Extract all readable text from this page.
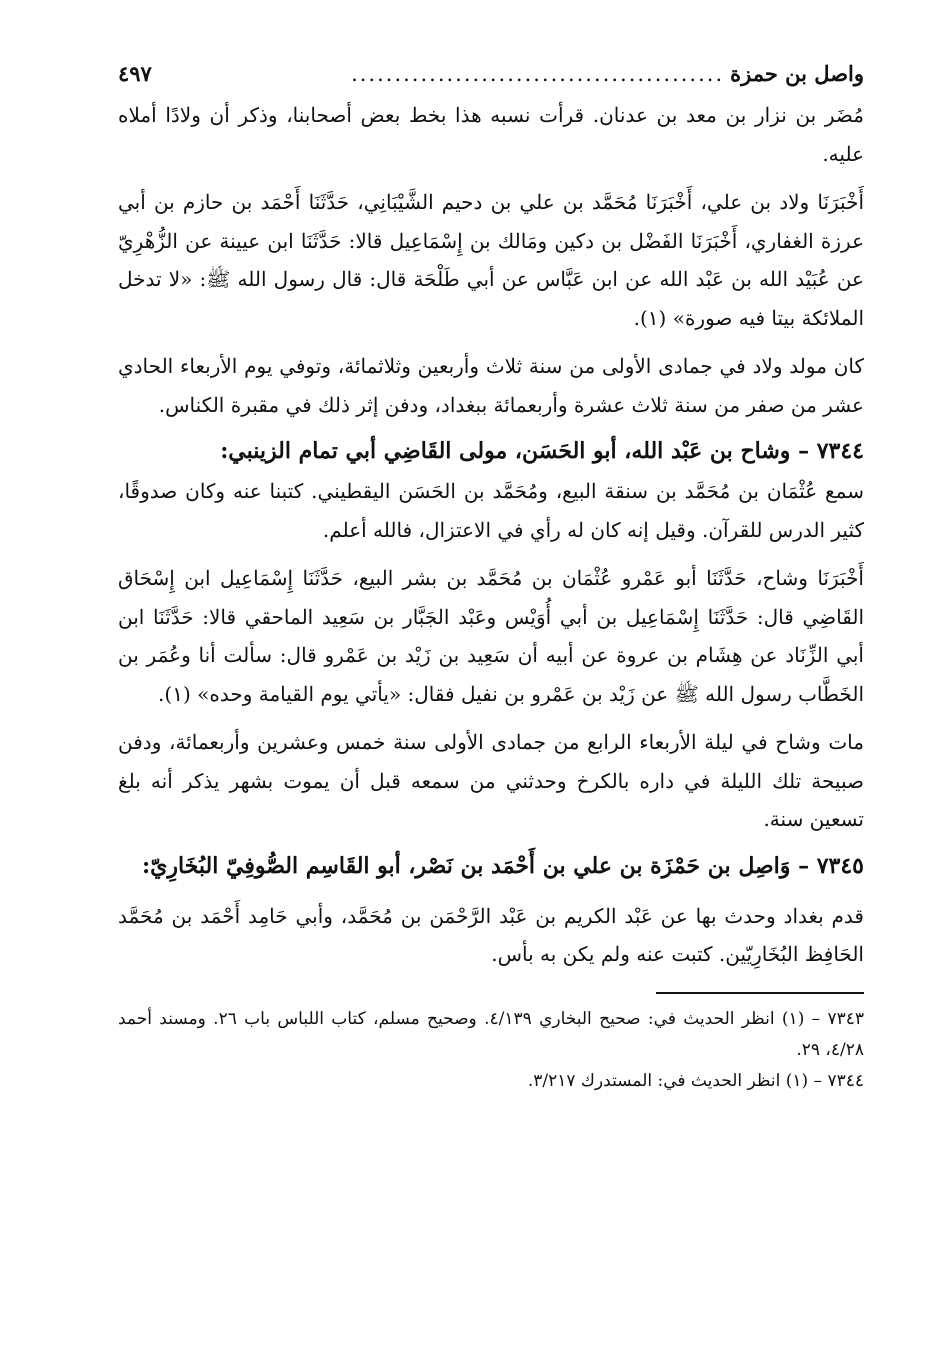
واصل بن حمزة
...........................................
٤٩٧

مُضَر بن نزار بن معد بن عدنان. قرأت نسبه هذا بخط بعض أصحابنا، وذكر أن ولادًا أملاه عليه.

أَخْبَرَنَا ولاد بن علي، أَخْبَرَنَا مُحَمَّد بن علي بن دحيم الشَّيْبَانِي، حَدَّثَنَا أَحْمَد بن حازم بن أبي عرزة الغفاري، أَخْبَرَنَا الفَضْل بن دكين ومَالك بن إِسْمَاعِيل قالا: حَدَّثَنَا ابن عيينة عن الزُّهْرِيّ عن عُبَيْد الله بن عَبْد الله عن ابن عَبَّاس عن أبي طَلْحَة قال: قال رسول الله ﷺ: «لا تدخل الملائكة بيتا فيه صورة» (١).

كان مولد ولاد في جمادى الأولى من سنة ثلاث وأربعين وثلاثمائة، وتوفي يوم الأربعاء الحادي عشر من صفر من سنة ثلاث عشرة وأربعمائة ببغداد، ودفن إثر ذلك في مقبرة الكناس.

٧٣٤٤ – وشاح بن عَبْد الله، أبو الحَسَن، مولى القَاضِي أبي تمام الزينبي:

سمع عُثْمَان بن مُحَمَّد بن سنقة البيع، ومُحَمَّد بن الحَسَن اليقطيني. كتبنا عنه وكان صدوقًا، كثير الدرس للقرآن. وقيل إنه كان له رأي في الاعتزال، فالله أعلم.

أَخْبَرَنَا وشاح، حَدَّثَنَا أبو عَمْرو عُثْمَان بن مُحَمَّد بن بشر البيع، حَدَّثَنَا إِسْمَاعِيل ابن إِسْحَاق القَاضِي قال: حَدَّثَنَا إِسْمَاعِيل بن أبي أُوَيْس وعَبْد الجَبَّار بن سَعِيد الماحقي قالا: حَدَّثَنَا ابن أبي الزِّنَاد عن هِشَام بن عروة عن أبيه أن سَعِيد بن زَيْد بن عَمْرو قال: سألت أنا وعُمَر بن الخَطَّاب رسول الله ﷺ عن زَيْد بن عَمْرو بن نفيل فقال: «يأتي يوم القيامة وحده» (١).

مات وشاح في ليلة الأربعاء الرابع من جمادى الأولى سنة خمس وعشرين وأربعمائة، ودفن صبيحة تلك الليلة في داره بالكرخ وحدثني من سمعه قبل أن يموت بشهر يذكر أنه بلغ تسعين سنة.

٧٣٤٥ – وَاصِل بن حَمْزَة بن علي بن أَحْمَد بن نَصْر، أبو القَاسِم الصُّوفِيّ البُخَارِيّ:

قدم بغداد وحدث بها عن عَبْد الكريم بن عَبْد الرَّحْمَن بن مُحَمَّد، وأبي حَامِد أَحْمَد بن مُحَمَّد الحَافِظ البُخَارِيّين. كتبت عنه ولم يكن به بأس.

٧٣٤٣ – (١) انظر الحديث في: صحيح البخاري ٤/١٣٩. وصحيح مسلم، كتاب اللباس باب ٢٦. ومسند أحمد ٤/٢٨، ٢٩.

٧٣٤٤ – (١) انظر الحديث في: المستدرك ٣/٢١٧.
